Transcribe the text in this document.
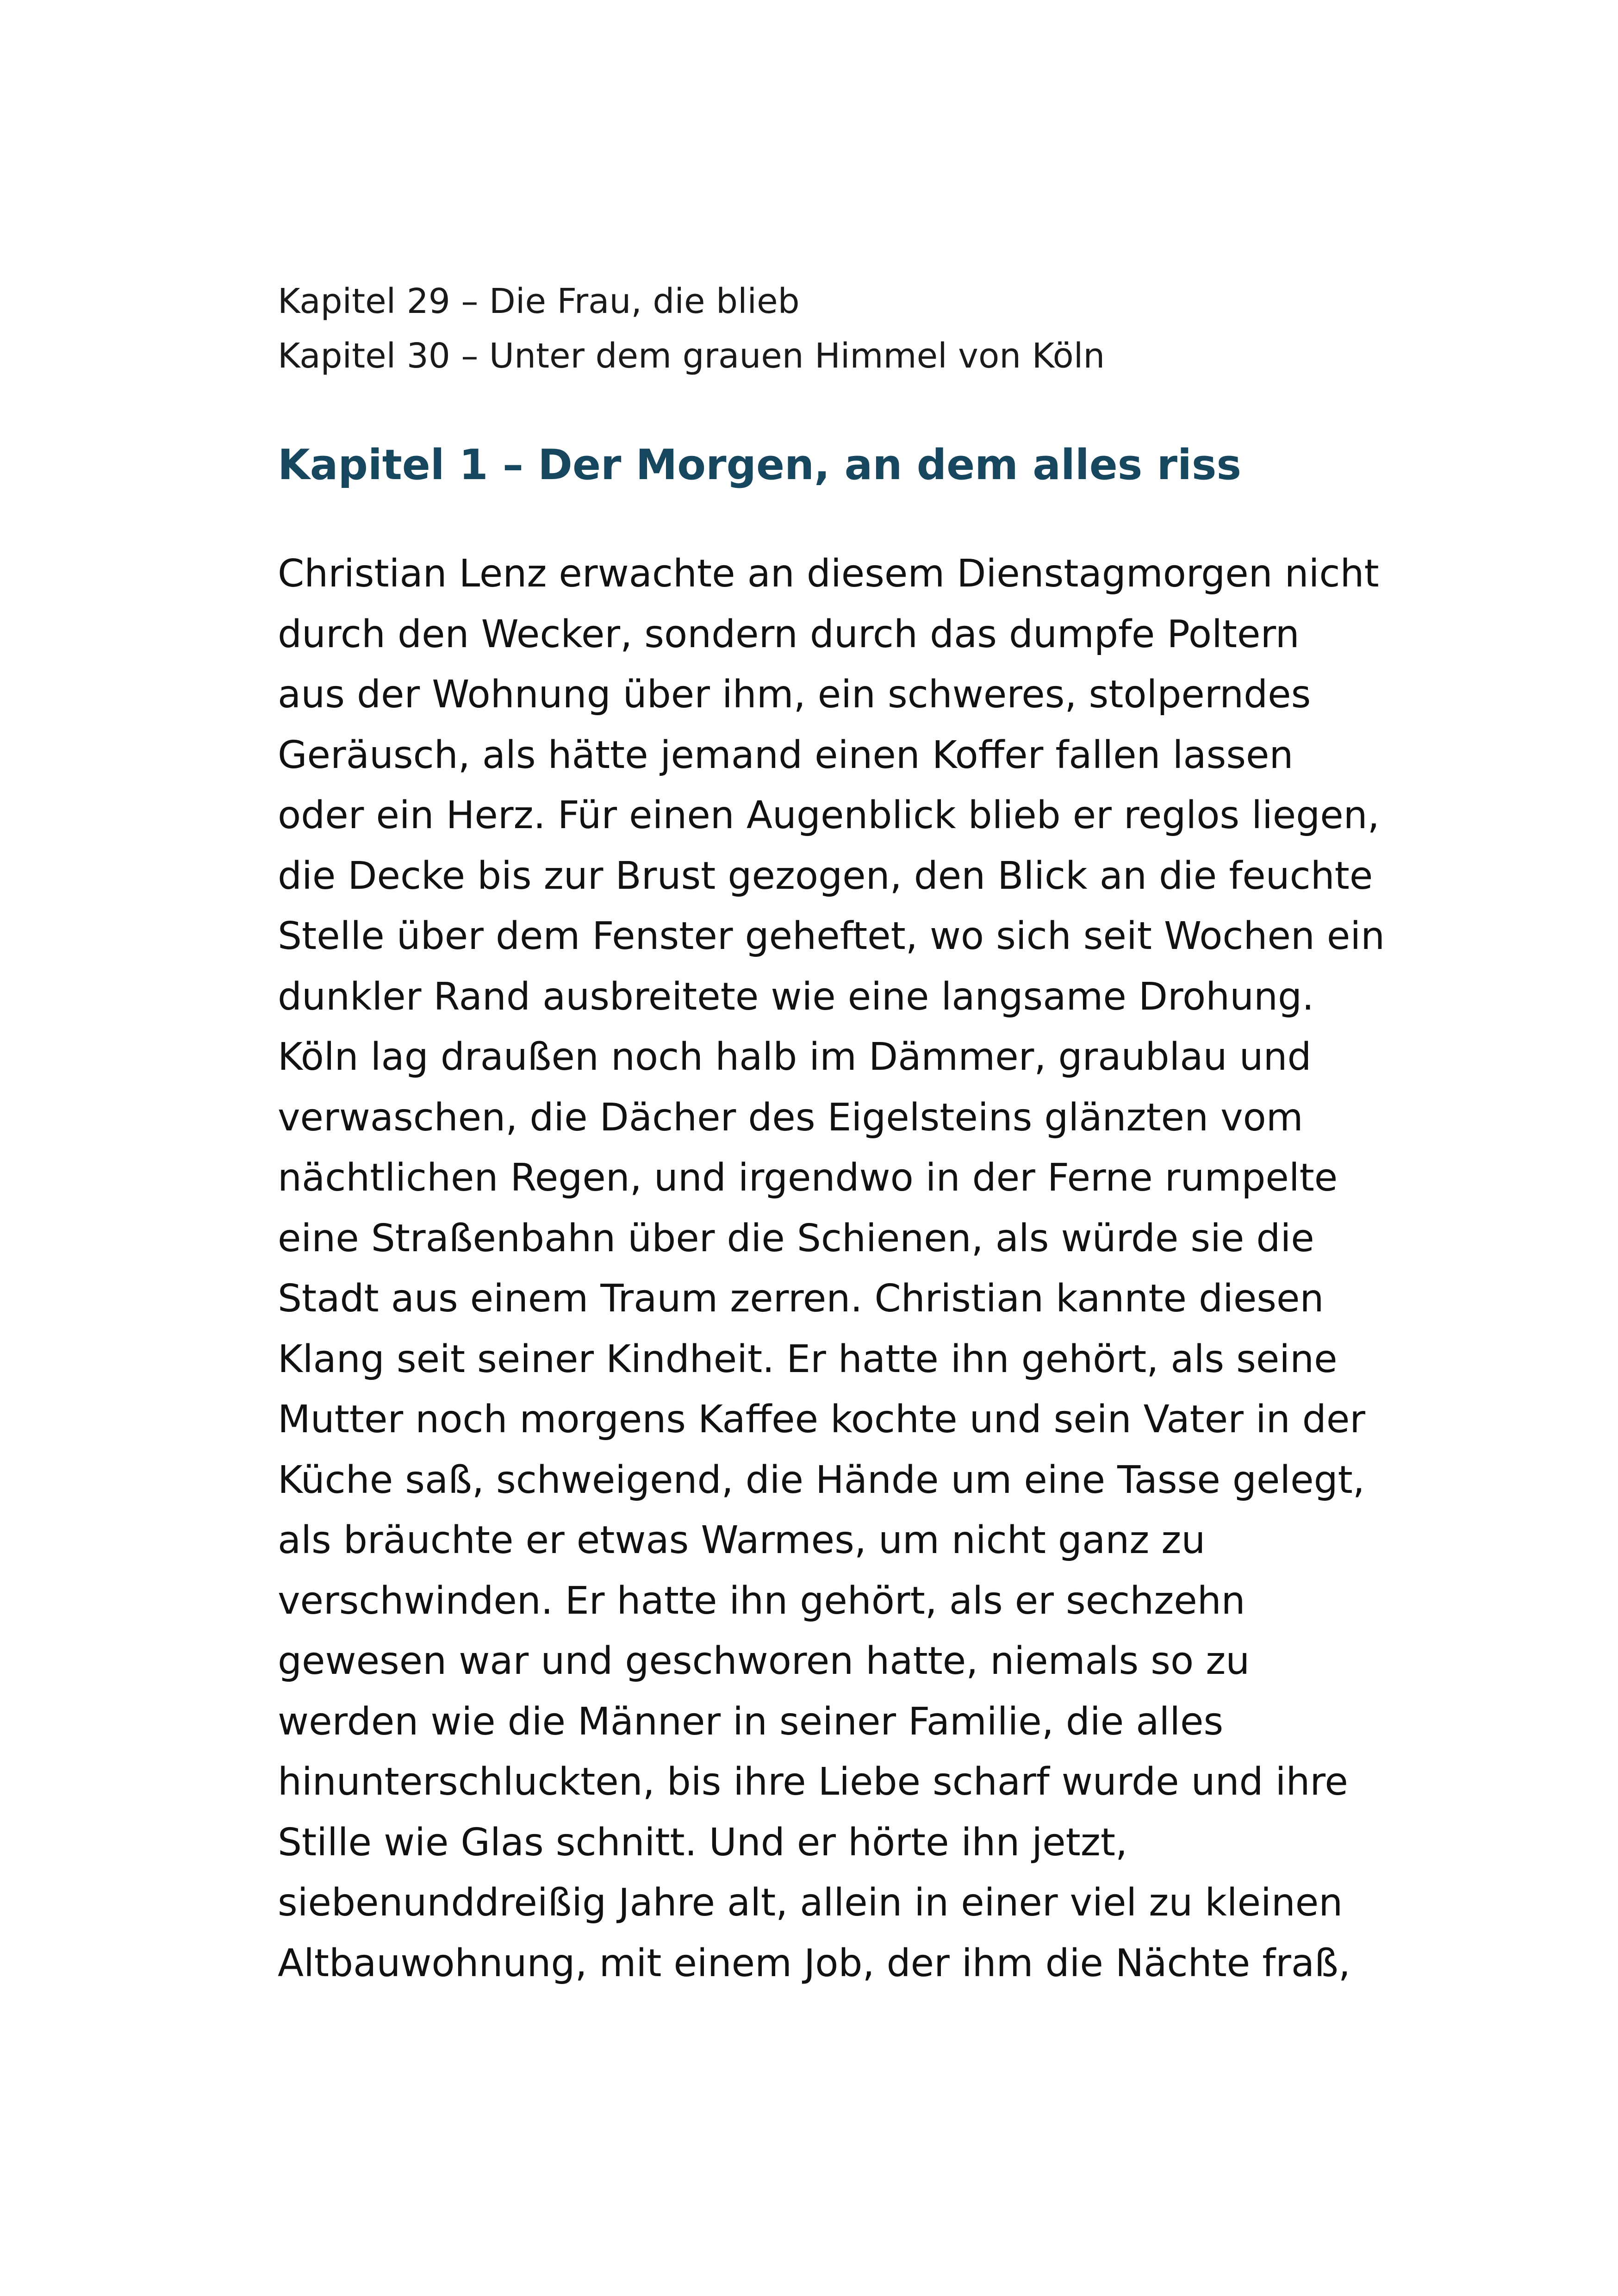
Kapitel 29 – Die Frau, die blieb
Kapitel 30 – Unter dem grauen Himmel von Köln
Kapitel 1 – Der Morgen, an dem alles riss
Christian Lenz erwachte an diesem Dienstagmorgen nicht
durch den Wecker, sondern durch das dumpfe Poltern
aus der Wohnung über ihm, ein schweres, stolperndes
Geräusch, als hätte jemand einen Koffer fallen lassen
oder ein Herz. Für einen Augenblick blieb er reglos liegen,
die Decke bis zur Brust gezogen, den Blick an die feuchte
Stelle über dem Fenster geheftet, wo sich seit Wochen ein
dunkler Rand ausbreitete wie eine langsame Drohung.
Köln lag draußen noch halb im Dämmer, graublau und
verwaschen, die Dächer des Eigelsteins glänzten vom
nächtlichen Regen, und irgendwo in der Ferne rumpelte
eine Straßenbahn über die Schienen, als würde sie die
Stadt aus einem Traum zerren. Christian kannte diesen
Klang seit seiner Kindheit. Er hatte ihn gehört, als seine
Mutter noch morgens Kaffee kochte und sein Vater in der
Küche saß, schweigend, die Hände um eine Tasse gelegt,
als bräuchte er etwas Warmes, um nicht ganz zu
verschwinden. Er hatte ihn gehört, als er sechzehn
gewesen war und geschworen hatte, niemals so zu
werden wie die Männer in seiner Familie, die alles
hinunterschluckten, bis ihre Liebe scharf wurde und ihre
Stille wie Glas schnitt. Und er hörte ihn jetzt,
siebenunddreißig Jahre alt, allein in einer viel zu kleinen
Altbauwohnung, mit einem Job, der ihm die Nächte fraß,
